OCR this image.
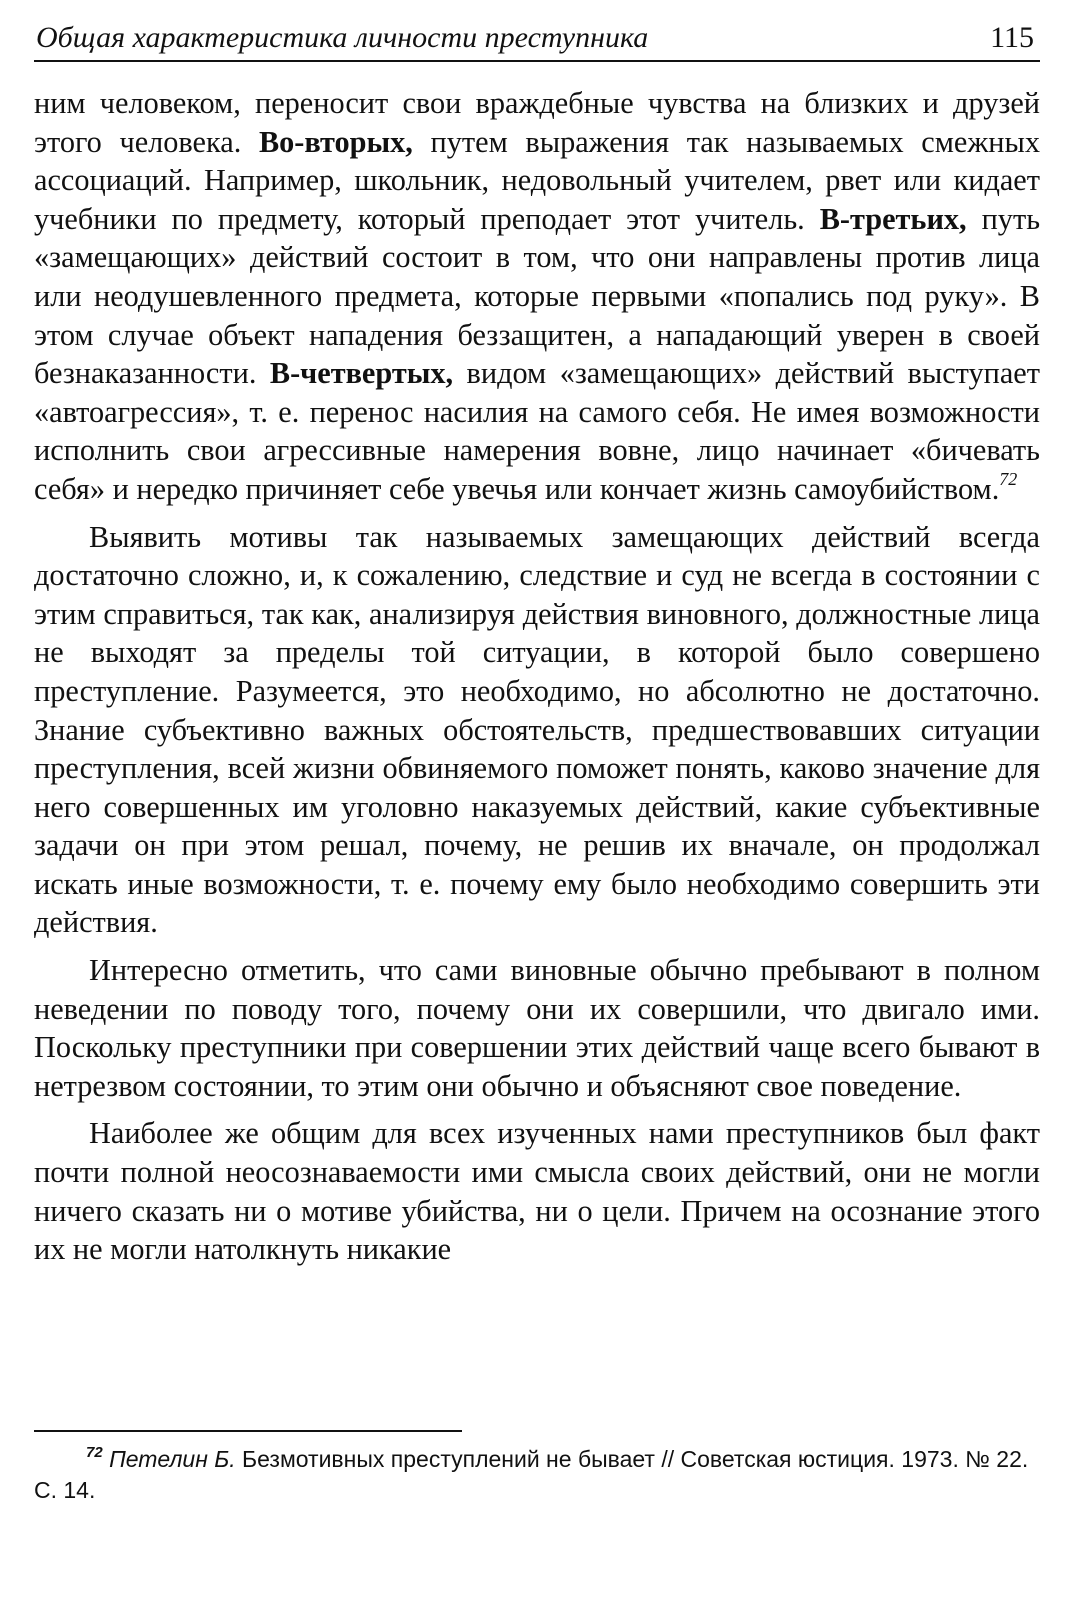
Общая характеристика личности преступника	115

ним человеком, переносит свои враждебные чувства на близких и друзей этого человека. Во-вторых, путем выражения так называемых смежных ассоциаций. Например, школьник, недовольный учителем, рвет или кидает учебники по предмету, который преподает этот учитель. В-третьих, путь «замещающих» действий состоит в том, что они направлены против лица или неодушевленного предмета, которые первыми «попались под руку». В этом случае объект нападения беззащитен, а нападающий уверен в своей безнаказанности. В-четвертых, видом «замещающих» действий выступает «автоагрессия», т. е. перенос насилия на самого себя. Не имея возможности исполнить свои агрессивные намерения вовне, лицо начинает «бичевать себя» и нередко причиняет себе увечья или кончает жизнь самоубийством.$^{72}$

Выявить мотивы так называемых замещающих действий всегда достаточно сложно, и, к сожалению, следствие и суд не всегда в состоянии с этим справиться, так как, анализируя действия виновного, должностные лица не выходят за пределы той ситуации, в которой было совершено преступление. Разумеется, это необходимо, но абсолютно не достаточно. Знание субъективно важных обстоятельств, предшествовавших ситуации преступления, всей жизни обвиняемого поможет понять, каково значение для него совершенных им уголовно наказуемых действий, какие субъективные задачи он при этом решал, почему, не решив их вначале, он продолжал искать иные возможности, т. е. почему ему было необходимо совершить эти действия.

Интересно отметить, что сами виновные обычно пребывают в полном неведении по поводу того, почему они их совершили, что двигало ими. Поскольку преступники при совершении этих действий чаще всего бывают в нетрезвом состоянии, то этим они обычно и объясняют свое поведение.

Наиболее же общим для всех изученных нами преступников был факт почти полной неосознаваемости ими смысла своих действий, они не могли ничего сказать ни о мотиве убийства, ни о цели. Причем на осознание этого их не могли натолкнуть никакие

$^{72}$ Петелин Б. Безмотивных преступлений не бывает // Советская юстиция. 1973. № 22. С. 14.
